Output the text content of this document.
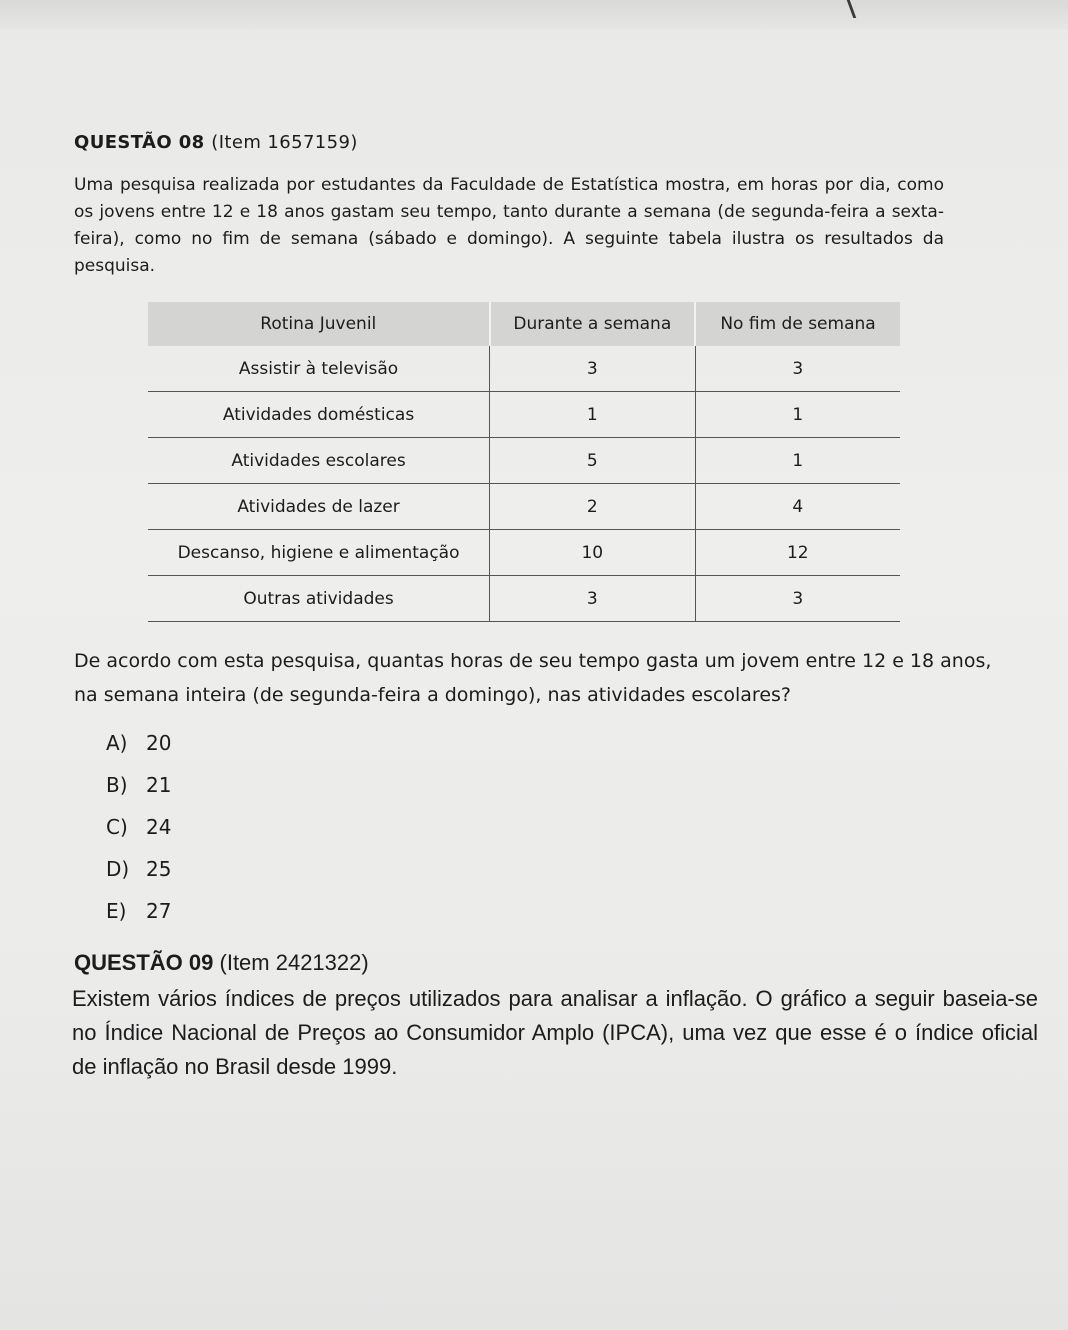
QUESTÃO 08 (Item 1657159)
Uma pesquisa realizada por estudantes da Faculdade de Estatística mostra, em horas por dia, como os jovens entre 12 e 18 anos gastam seu tempo, tanto durante a semana (de segunda-feira a sexta-feira), como no fim de semana (sábado e domingo). A seguinte tabela ilustra os resultados da pesquisa.
Rotina Juvenil	Durante a semana	No fim de semana
Assistir à televisão	3	3
Atividades domésticas	1	1
Atividades escolares	5	1
Atividades de lazer	2	4
Descanso, higiene e alimentação	10	12
Outras atividades	3	3
De acordo com esta pesquisa, quantas horas de seu tempo gasta um jovem entre 12 e 18 anos, na semana inteira (de segunda-feira a domingo), nas atividades escolares?
A) 20
B) 21
C) 24
D) 25
E) 27
QUESTÃO 09 (Item 2421322)
Existem vários índices de preços utilizados para analisar a inflação. O gráfico a seguir baseia-se no Índice Nacional de Preços ao Consumidor Amplo (IPCA), uma vez que esse é o índice oficial de inflação no Brasil desde 1999.
